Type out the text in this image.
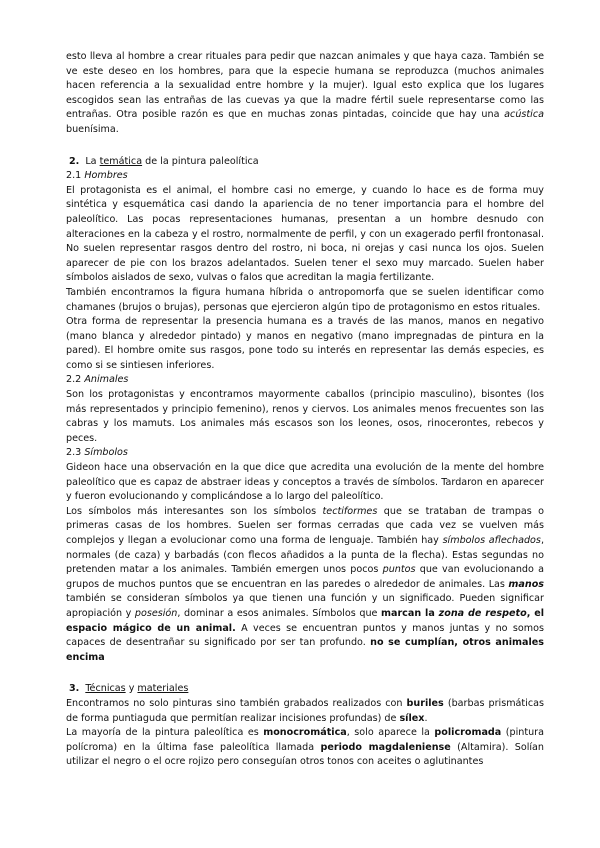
esto lleva al hombre a crear rituales para pedir que nazcan animales y que haya caza. También se ve este deseo en los hombres, para que la especie humana se reproduzca (muchos animales hacen referencia a la sexualidad entre hombre y la mujer). Igual esto explica que los lugares escogidos sean las entrañas de las cuevas ya que la madre fértil suele representarse como las entrañas. Otra posible razón es que en muchas zonas pintadas, coincide que hay una acústica buenísima.

2. La temática de la pintura paleolítica

2.1 Hombres

El protagonista es el animal, el hombre casi no emerge, y cuando lo hace es de forma muy sintética y esquemática casi dando la apariencia de no tener importancia para el hombre del paleolítico. Las pocas representaciones humanas, presentan a un hombre desnudo con alteraciones en la cabeza y el rostro, normalmente de perfil, y con un exagerado perfil frontonasal. No suelen representar rasgos dentro del rostro, ni boca, ni orejas y casi nunca los ojos. Suelen aparecer de pie con los brazos adelantados. Suelen tener el sexo muy marcado. Suelen haber símbolos aislados de sexo, vulvas o falos que acreditan la magia fertilizante.

También encontramos la figura humana híbrida o antropomorfa que se suelen identificar como chamanes (brujos o brujas), personas que ejercieron algún tipo de protagonismo en estos rituales.

Otra forma de representar la presencia humana es a través de las manos, manos en negativo (mano blanca y alrededor pintado) y manos en negativo (mano impregnadas de pintura en la pared). El hombre omite sus rasgos, pone todo su interés en representar las demás especies, es como si se sintiesen inferiores.

2.2 Animales

Son los protagonistas y encontramos mayormente caballos (principio masculino), bisontes (los más representados y principio femenino), renos y ciervos. Los animales menos frecuentes son las cabras y los mamuts. Los animales más escasos son los leones, osos, rinocerontes, rebecos y peces.

2.3 Símbolos

Gideon hace una observación en la que dice que acredita una evolución de la mente del hombre paleolítico que es capaz de abstraer ideas y conceptos a través de símbolos. Tardaron en aparecer y fueron evolucionando y complicándose a lo largo del paleolítico.

Los símbolos más interesantes son los símbolos tectiformes que se trataban de trampas o primeras casas de los hombres. Suelen ser formas cerradas que cada vez se vuelven más complejos y llegan a evolucionar como una forma de lenguaje. También hay símbolos aflechados, normales (de caza) y barbadás (con flecos añadidos a la punta de la flecha). Estas segundas no pretenden matar a los animales. También emergen unos pocos puntos que van evolucionando a grupos de muchos puntos que se encuentran en las paredes o alrededor de animales. Las manos también se consideran símbolos ya que tienen una función y un significado. Pueden significar apropiación y posesión, dominar a esos animales. Símbolos que marcan la zona de respeto, el espacio mágico de un animal. A veces se encuentran puntos y manos juntas y no somos capaces de desentrañar su significado por ser tan profundo. no se cumplían, otros animales encima

3. Técnicas y materiales

Encontramos no solo pinturas sino también grabados realizados con buriles (barbas prismáticas de forma puntiaguda que permitían realizar incisiones profundas) de sílex.

La mayoría de la pintura paleolítica es monocromática, solo aparece la policromada (pintura polícroma) en la última fase paleolítica llamada periodo magdaleniense (Altamira). Solían utilizar el negro o el ocre rojizo pero conseguían otros tonos con aceites o aglutinantes
